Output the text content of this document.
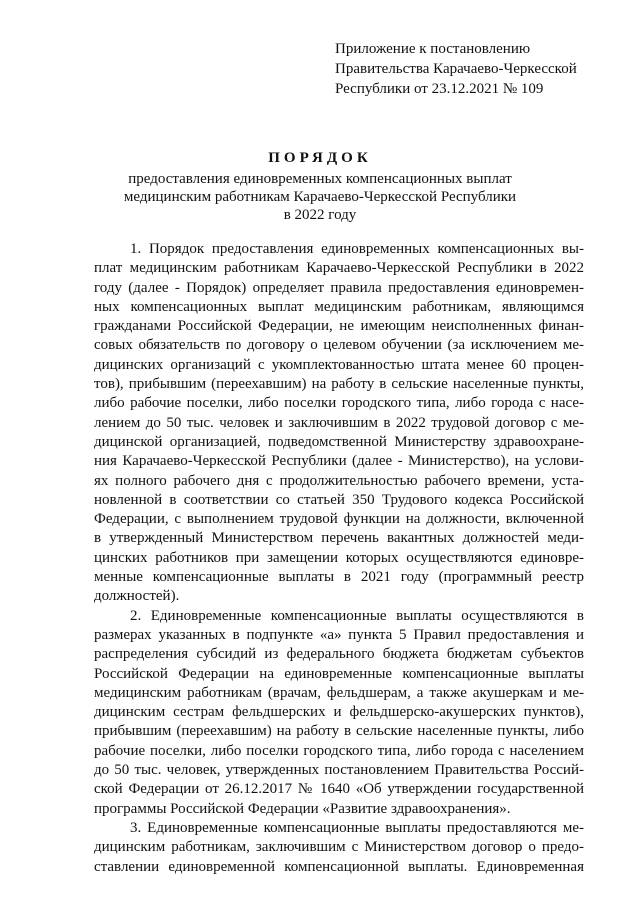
Приложение к постановлению
Правительства Карачаево-Черкесской
Республики от 23.12.2021 № 109
ПОРЯДОК
предоставления единовременных компенсационных выплат
медицинским работникам Карачаево-Черкесской Республики
в 2022 году
1. Порядок предоставления единовременных компенсационных вы-
плат медицинским работникам Карачаево-Черкесской Республики в 2022
году (далее - Порядок) определяет правила предоставления единовремен-
ных компенсационных выплат медицинским работникам, являющимся
гражданами Российской Федерации, не имеющим неисполненных финан-
совых обязательств по договору о целевом обучении (за исключением ме-
дицинских организаций с укомплектованностью штата менее 60 процен-
тов), прибывшим (переехавшим) на работу в сельские населенные пункты,
либо рабочие поселки, либо поселки городского типа, либо города с насе-
лением до 50 тыс. человек и заключившим в 2022 трудовой договор с ме-
дицинской организацией, подведомственной Министерству здравоохране-
ния Карачаево-Черкесской Республики (далее - Министерство), на услови-
ях полного рабочего дня с продолжительностью рабочего времени, уста-
новленной в соответствии со статьей 350 Трудового кодекса Российской
Федерации, с выполнением трудовой функции на должности, включенной
в утвержденный Министерством перечень вакантных должностей меди-
цинских работников при замещении которых осуществляются единовре-
менные компенсационные выплаты в 2021 году (программный реестр
должностей).
2. Единовременные компенсационные выплаты осуществляются в
размерах указанных в подпункте «а» пункта 5 Правил предоставления и
распределения субсидий из федерального бюджета бюджетам субъектов
Российской Федерации на единовременные компенсационные выплаты
медицинским работникам (врачам, фельдшерам, а также акушеркам и ме-
дицинским сестрам фельдшерских и фельдшерско-акушерских пунктов),
прибывшим (переехавшим) на работу в сельские населенные пункты, либо
рабочие поселки, либо поселки городского типа, либо города с населением
до 50 тыс. человек, утвержденных постановлением Правительства Россий-
ской Федерации от 26.12.2017 № 1640 «Об утверждении государственной
программы Российской Федерации «Развитие здравоохранения».
3. Единовременные компенсационные выплаты предоставляются ме-
дицинским работникам, заключившим с Министерством договор о предо-
ставлении единовременной компенсационной выплаты. Единовременная
